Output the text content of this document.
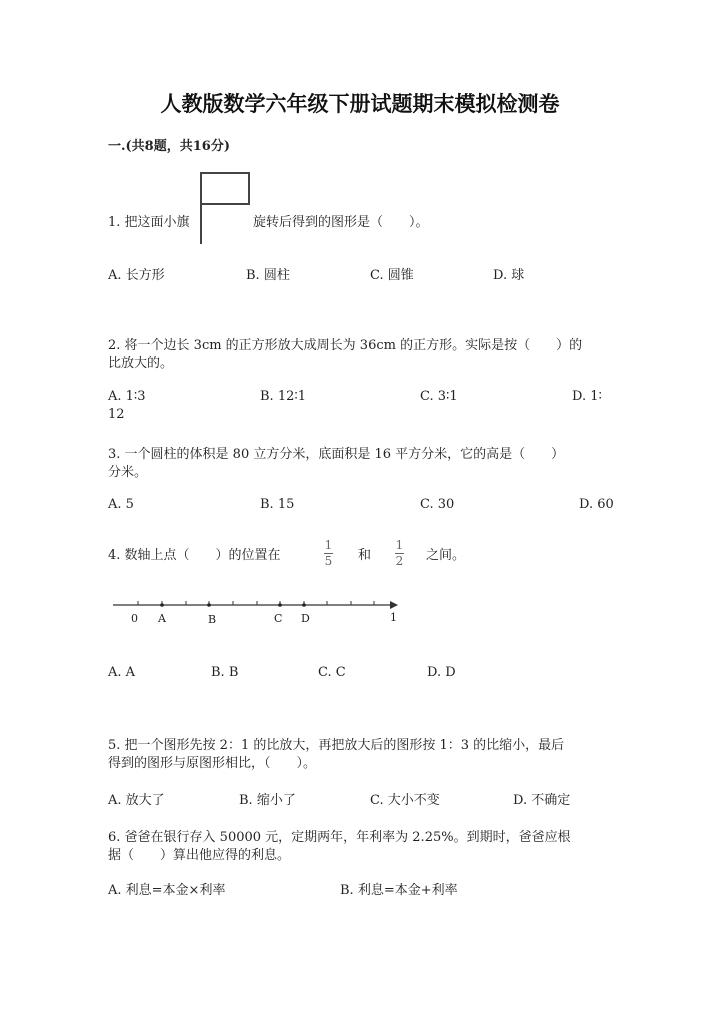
人教版数学六年级下册试题期末模拟检测卷
一.(共8题，共16分)
1. 把这面小旗	旋转后得到的图形是（　　）。
A. 长方形	B. 圆柱	C. 圆锥	D. 球
2. 将一个边长 3cm 的正方形放大成周长为 36cm 的正方形。实际是按（　　）的
比放大的。
A. 1∶3	B. 12∶1	C. 3∶1	D. 1∶
12
3. 一个圆柱的体积是 80 立方分米，底面积是 16 平方分米，它的高是（　　）
分米。
A. 5	B. 15	C. 30	D. 60
4. 数轴上点（　　）的位置在
1
5 和
1
2 之间。
0 A	B	C D	1
A. A	B. B	C. C	D. D
5. 把一个图形先按 2：1 的比放大，再把放大后的图形按 1：3 的比缩小，最后
得到的图形与原图形相比，（　　）。
A. 放大了	B. 缩小了	C. 大小不变	D. 不确定
6. 爸爸在银行存入 50000 元，定期两年，年利率为 2.25%。到期时，爸爸应根
据（　　）算出他应得的利息。
A. 利息=本金×利率	B. 利息=本金+利率
